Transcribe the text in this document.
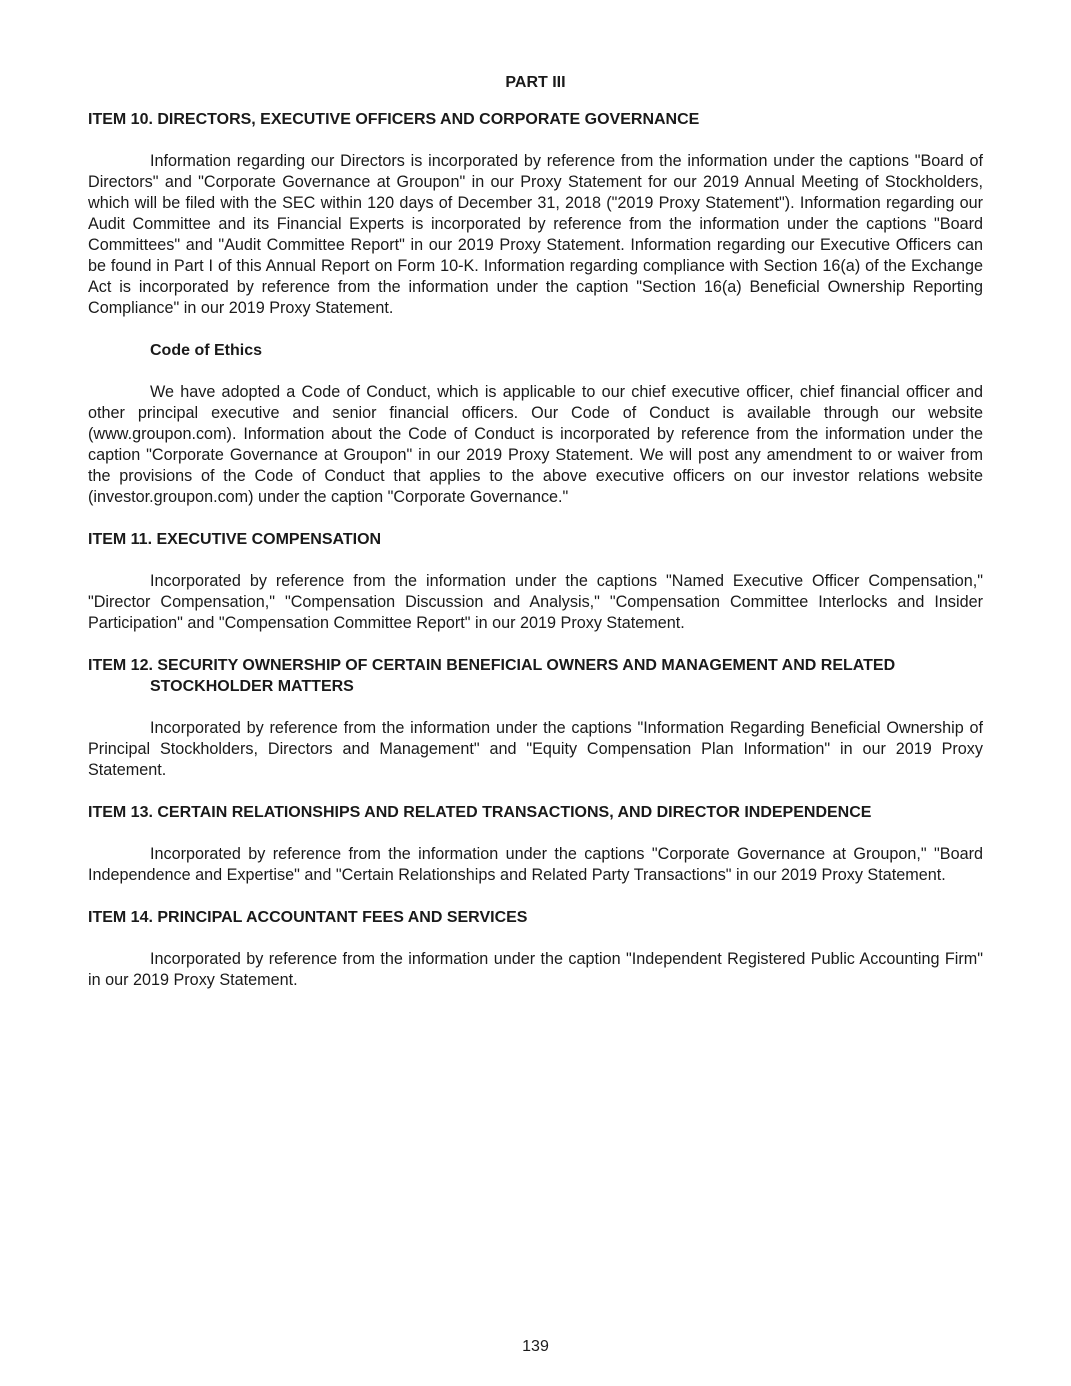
PART III
ITEM 10. DIRECTORS, EXECUTIVE OFFICERS AND CORPORATE GOVERNANCE
Information regarding our Directors is incorporated by reference from the information under the captions "Board of Directors" and "Corporate Governance at Groupon" in our Proxy Statement for our 2019 Annual Meeting of Stockholders, which will be filed with the SEC within 120 days of December 31, 2018 ("2019 Proxy Statement"). Information regarding our Audit Committee and its Financial Experts is incorporated by reference from the information under the captions "Board Committees" and "Audit Committee Report" in our 2019 Proxy Statement. Information regarding our Executive Officers can be found in Part I of this Annual Report on Form 10-K. Information regarding compliance with Section 16(a) of the Exchange Act is incorporated by reference from the information under the caption "Section 16(a) Beneficial Ownership Reporting Compliance" in our 2019 Proxy Statement.
Code of Ethics
We have adopted a Code of Conduct, which is applicable to our chief executive officer, chief financial officer and other principal executive and senior financial officers. Our Code of Conduct is available through our website (www.groupon.com). Information about the Code of Conduct is incorporated by reference from the information under the caption "Corporate Governance at Groupon" in our 2019 Proxy Statement. We will post any amendment to or waiver from the provisions of the Code of Conduct that applies to the above executive officers on our investor relations website (investor.groupon.com) under the caption "Corporate Governance."
ITEM 11. EXECUTIVE COMPENSATION
Incorporated by reference from the information under the captions "Named Executive Officer Compensation," "Director Compensation," "Compensation Discussion and Analysis," "Compensation Committee Interlocks and Insider Participation" and "Compensation Committee Report" in our 2019 Proxy Statement.
ITEM 12. SECURITY OWNERSHIP OF CERTAIN BENEFICIAL OWNERS AND MANAGEMENT AND RELATED
STOCKHOLDER MATTERS
Incorporated by reference from the information under the captions "Information Regarding Beneficial Ownership of Principal Stockholders, Directors and Management" and "Equity Compensation Plan Information" in our 2019 Proxy Statement.
ITEM 13. CERTAIN RELATIONSHIPS AND RELATED TRANSACTIONS, AND DIRECTOR INDEPENDENCE
Incorporated by reference from the information under the captions "Corporate Governance at Groupon," "Board Independence and Expertise" and "Certain Relationships and Related Party Transactions" in our 2019 Proxy Statement.
ITEM 14. PRINCIPAL ACCOUNTANT FEES AND SERVICES
Incorporated by reference from the information under the caption "Independent Registered Public Accounting Firm" in our 2019 Proxy Statement.
139
